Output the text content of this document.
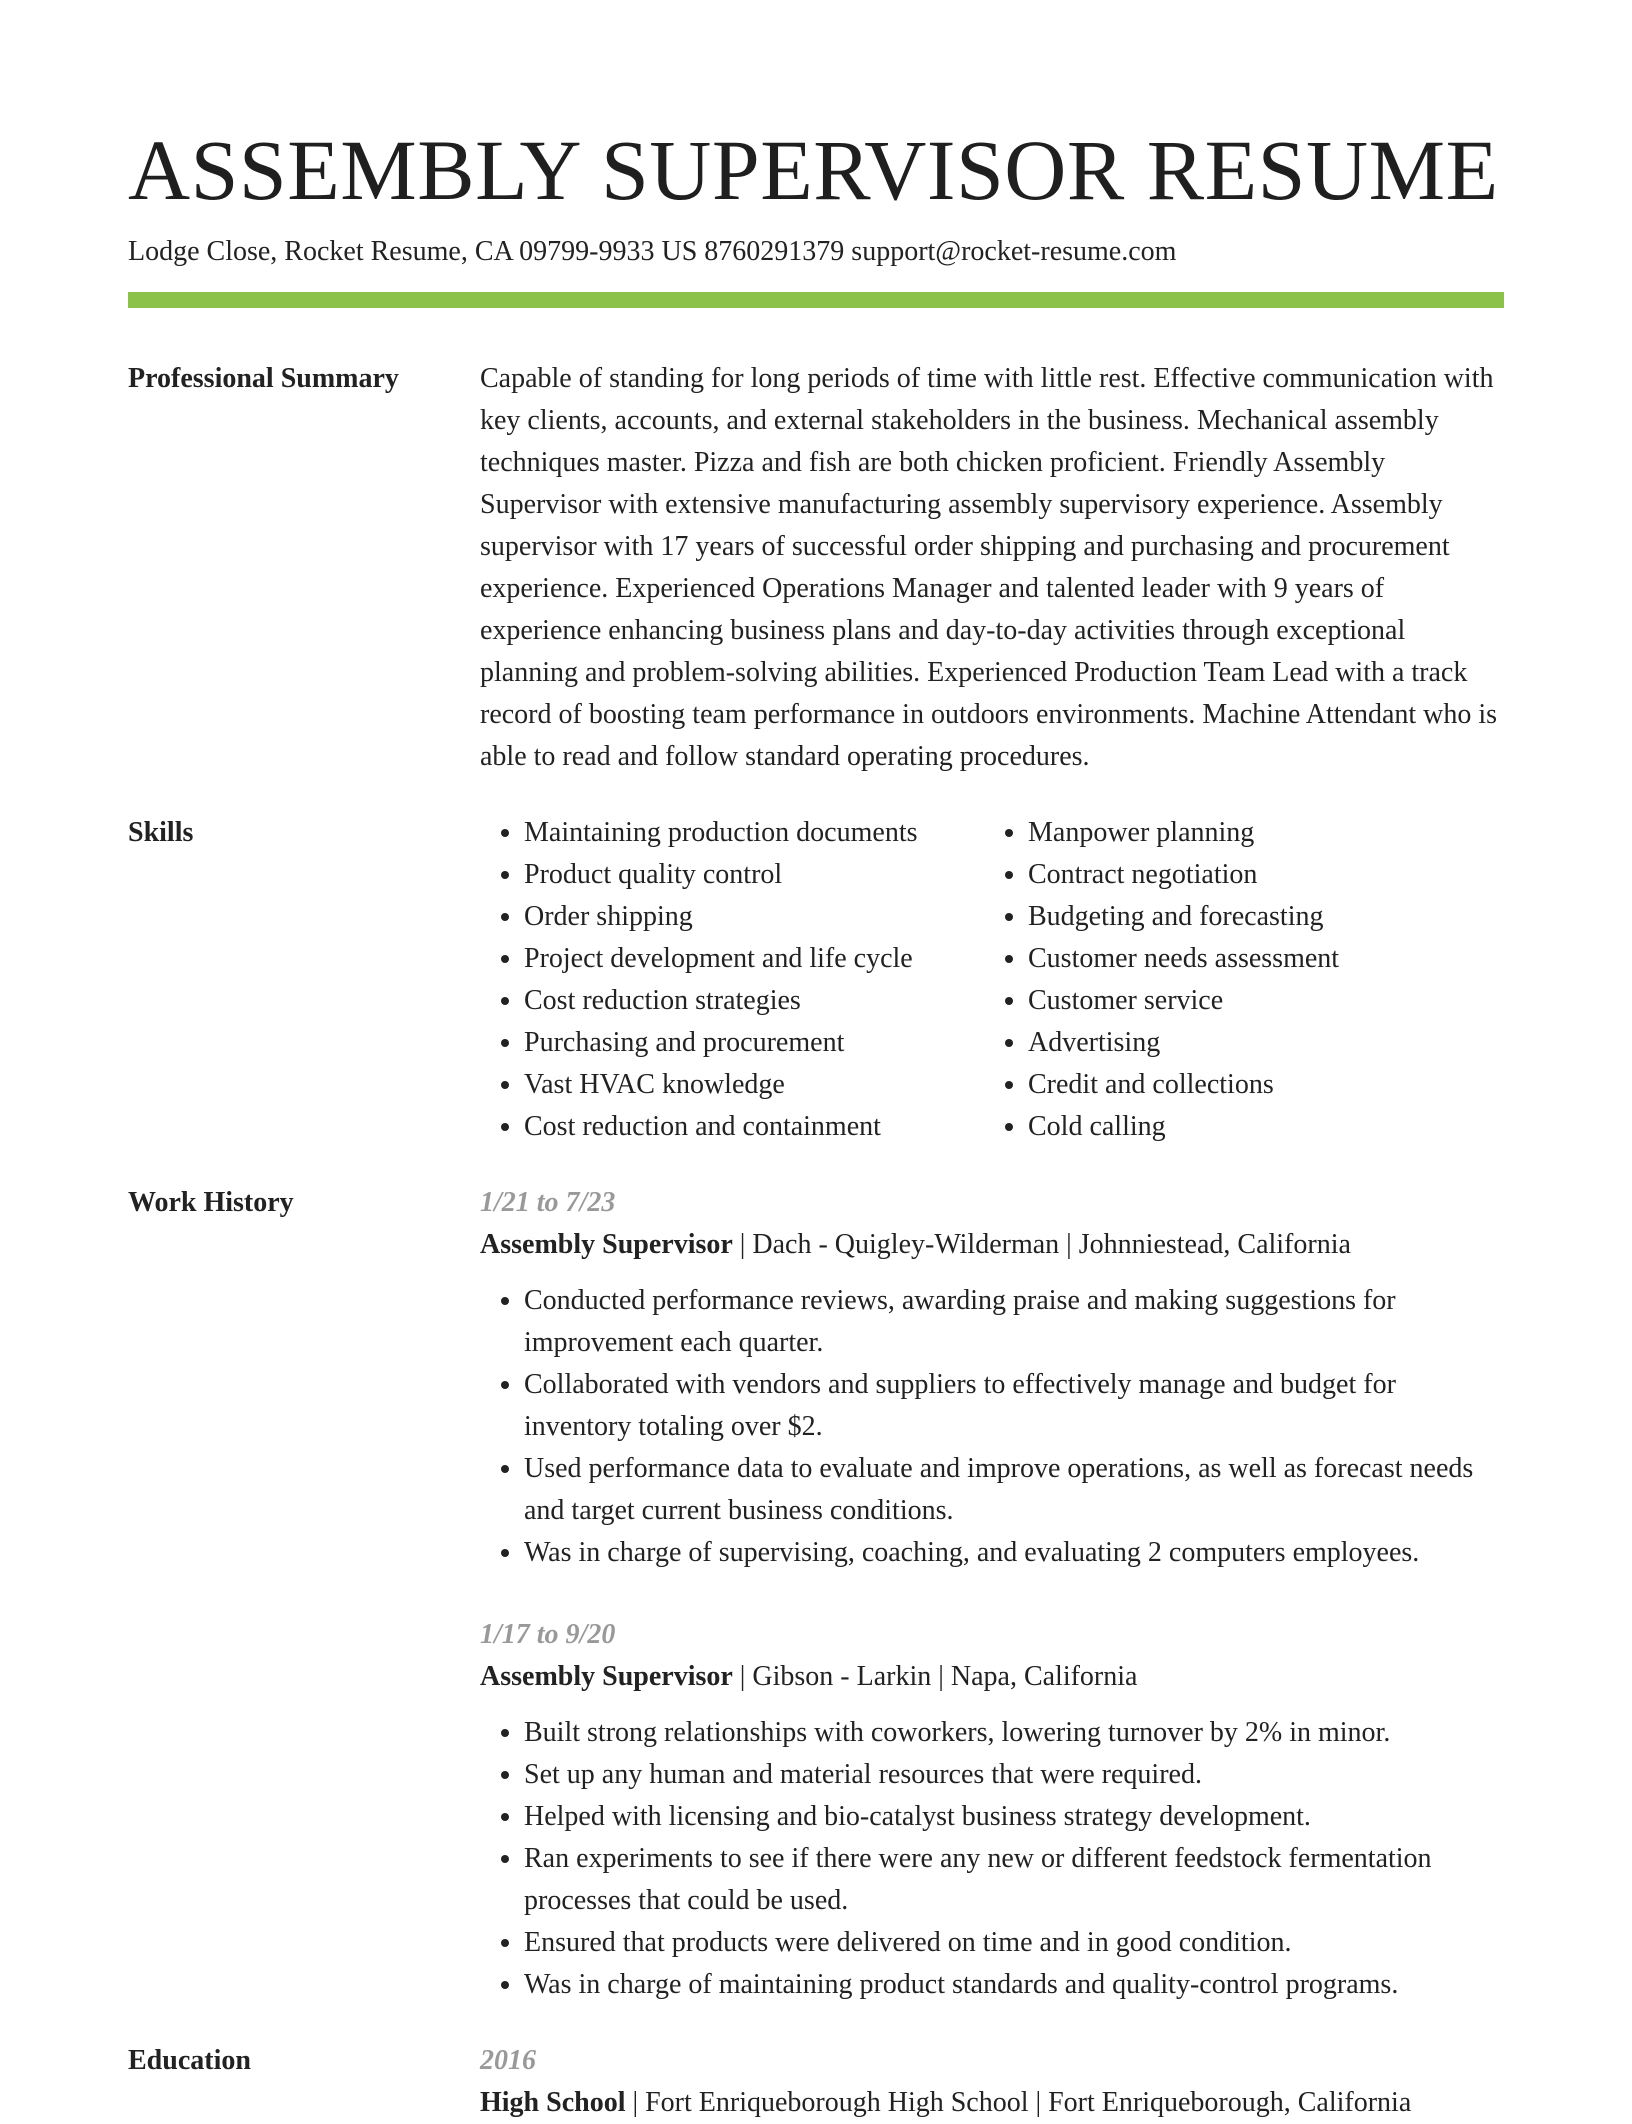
ASSEMBLY SUPERVISOR RESUME
Lodge Close, Rocket Resume, CA 09799-9933 US 8760291379 support@rocket-resume.com
Professional Summary	Capable of standing for long periods of time with little rest. Effective communication with key clients, accounts, and external stakeholders in the business. Mechanical assembly techniques master. Pizza and fish are both chicken proficient. Friendly Assembly Supervisor with extensive manufacturing assembly supervisory experience. Assembly supervisor with 17 years of successful order shipping and purchasing and procurement experience. Experienced Operations Manager and talented leader with 9 years of experience enhancing business plans and day-to-day activities through exceptional planning and problem-solving abilities. Experienced Production Team Lead with a track record of boosting team performance in outdoors environments. Machine Attendant who is able to read and follow standard operating procedures.

Skills
•	Maintaining production documents
• Product quality control
• Order shipping
• Project development and life cycle
• Cost reduction strategies
• Purchasing and procurement
• Vast HVAC knowledge
• Cost reduction and containment
• Manpower planning
• Contract negotiation
• Budgeting and forecasting
• Customer needs assessment
• Customer service
• Advertising
• Credit and collections
• Cold calling
Work History	1/21 to 7/23
Assembly Supervisor | Dach - Quigley-Wilderman | Johnniestead, California
• Conducted performance reviews, awarding praise and making suggestions for improvement each quarter.
• Collaborated with vendors and suppliers to effectively manage and budget for inventory totaling over $2.
• Used performance data to evaluate and improve operations, as well as forecast needs and target current business conditions.
• Was in charge of supervising, coaching, and evaluating 2 computers employees.
1/17 to 9/20
Assembly Supervisor | Gibson - Larkin | Napa, California
• Built strong relationships with coworkers, lowering turnover by 2% in minor.
• Set up any human and material resources that were required.
• Helped with licensing and bio-catalyst business strategy development.
• Ran experiments to see if there were any new or different feedstock fermentation processes that could be used.
• Ensured that products were delivered on time and in good condition.
• Was in charge of maintaining product standards and quality-control programs.
Education	2016
High School | Fort Enriqueborough High School | Fort Enriqueborough, California
